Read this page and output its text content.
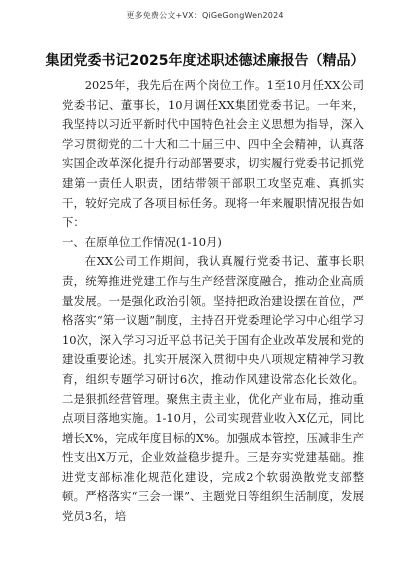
更多免费公文+VX：QiGeGongWen2024
集团党委书记2025年度述职述德述廉报告（精品）

2025年，我先后在两个岗位工作。1至10月任XX公司党委书记、董事长，10月调任XX集团党委书记。一年来，我坚持以习近平新时代中国特色社会主义思想为指导，深入学习贯彻党的二十大和二十届三中、四中全会精神，认真落实国企改革深化提升行动部署要求，切实履行党委书记抓党建第一责任人职责，团结带领干部职工攻坚克难、真抓实干，较好完成了各项目标任务。现将一年来履职情况报告如下：

一、在原单位工作情况(1-10月)

在XX公司工作期间，我认真履行党委书记、董事长职责，统筹推进党建工作与生产经营深度融合，推动企业高质量发展。一是强化政治引领。坚持把政治建设摆在首位，严格落实“第一议题”制度，主持召开党委理论学习中心组学习10次，深入学习习近平总书记关于国有企业改革发展和党的建设重要论述。扎实开展深入贯彻中央八项规定精神学习教育，组织专题学习研讨6次，推动作风建设常态化长效化。二是狠抓经营管理。聚焦主责主业，优化产业布局，推动重点项目落地实施。1-10月，公司实现营业收入X亿元，同比增长X%，完成年度目标的X%。加强成本管控，压减非生产性支出X万元，企业效益稳步提升。三是夯实党建基础。推进党支部标准化规范化建设，完成2个软弱涣散党支部整顿。严格落实“三会一课”、主题党日等组织生活制度，发展党员3名，培
